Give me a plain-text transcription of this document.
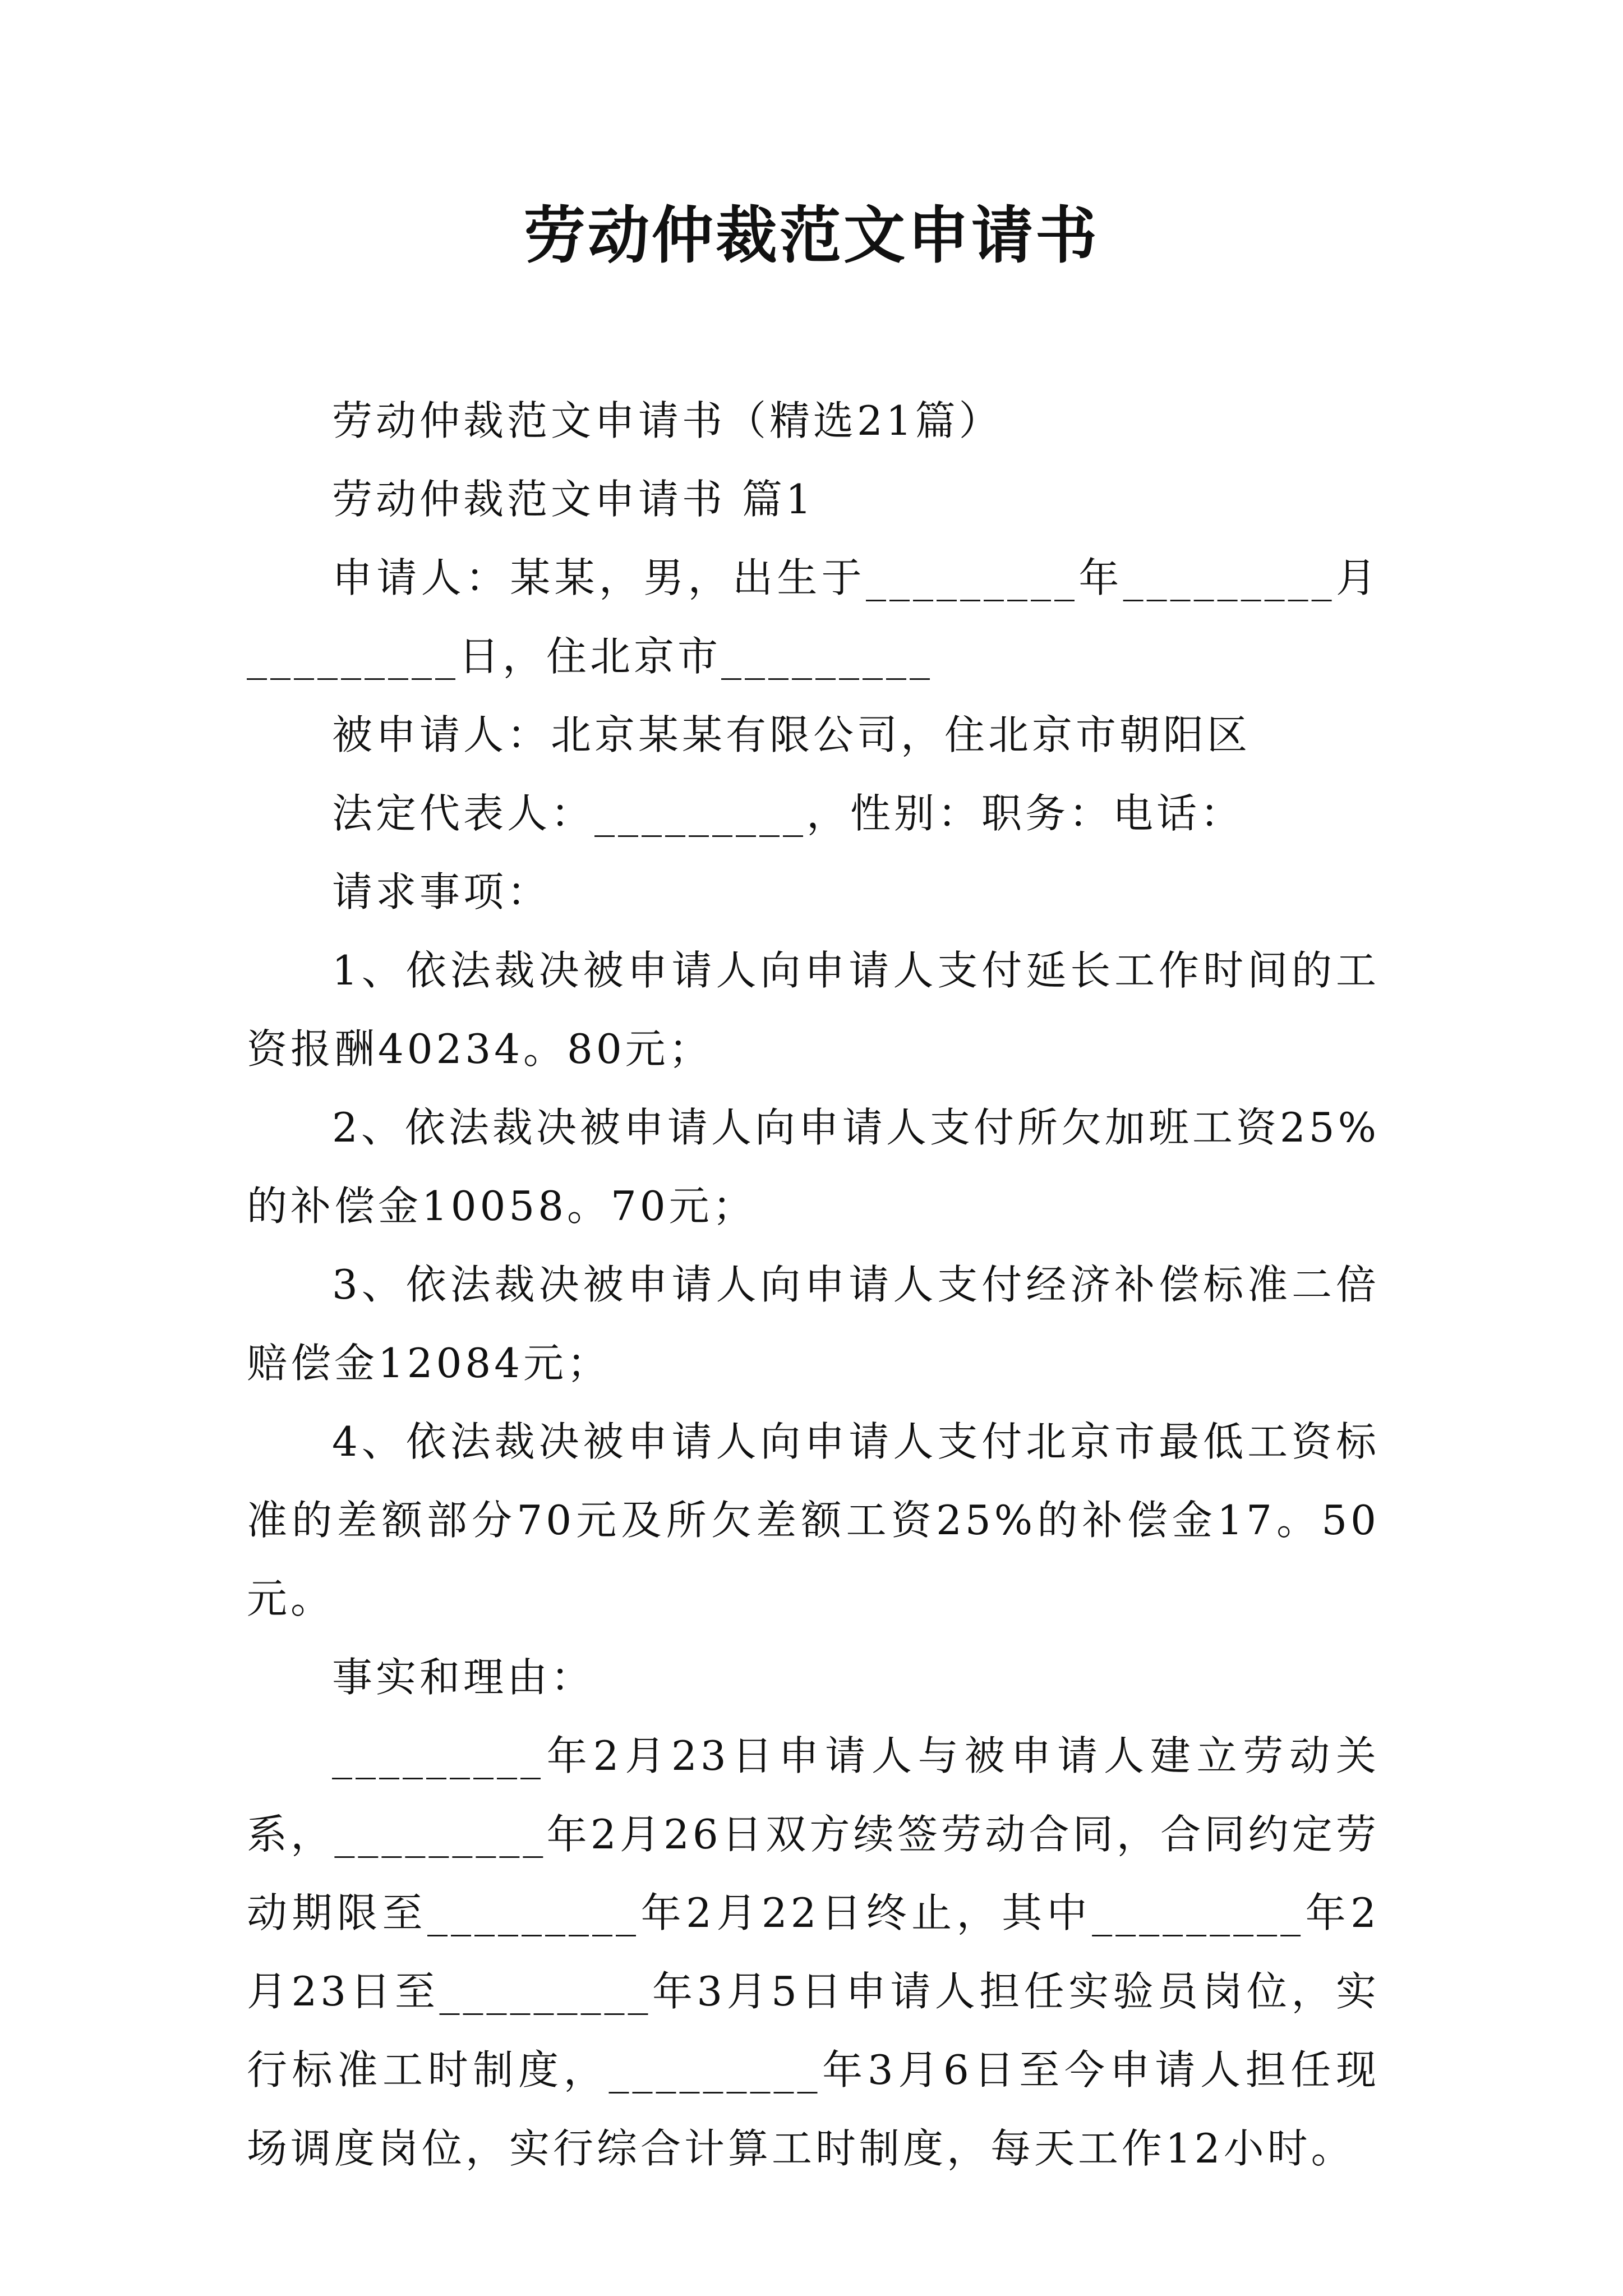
劳动仲裁范文申请书

劳动仲裁范文申请书（精选21篇）

劳动仲裁范文申请书 篇1

申请人：某某，男，出生于_________年_________月_________日，住北京市_________

被申请人：北京某某有限公司，住北京市朝阳区

法定代表人：_________，性别：职务：电话：

请求事项：

1、依法裁决被申请人向申请人支付延长工作时间的工资报酬40234。80元；

2、依法裁决被申请人向申请人支付所欠加班工资25%的补偿金10058。70元；

3、依法裁决被申请人向申请人支付经济补偿标准二倍赔偿金12084元；

4、依法裁决被申请人向申请人支付北京市最低工资标准的差额部分70元及所欠差额工资25%的补偿金17。50元。

事实和理由：

_________年2月23日申请人与被申请人建立劳动关系，_________年2月26日双方续签劳动合同，合同约定劳动期限至_________年2月22日终止，其中_________年2月23日至_________年3月5日申请人担任实验员岗位，实行标准工时制度，_________年3月6日至今申请人担任现场调度岗位，实行综合计算工时制度，每天工作12小时。
